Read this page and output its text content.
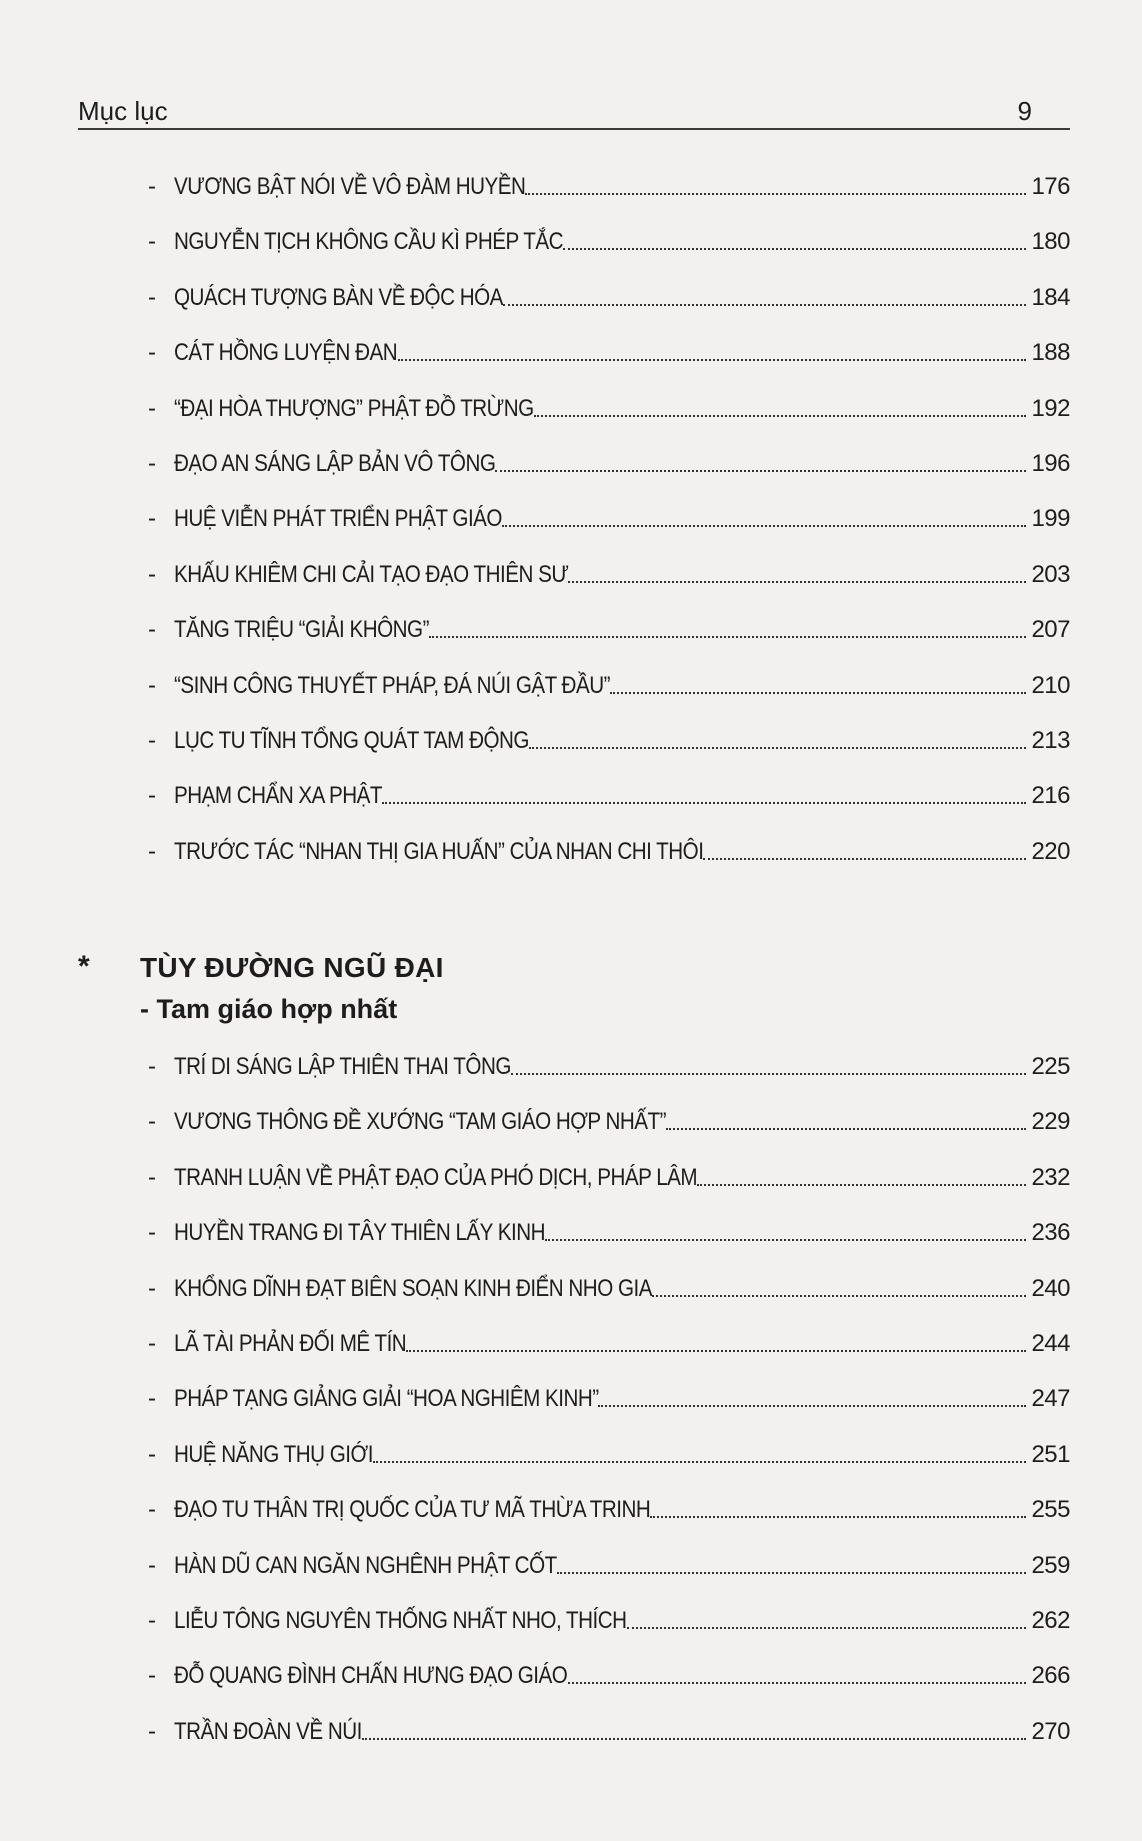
Mục lục	9
- VƯƠNG BẬT NÓI VỀ VÔ ĐÀM HUYỀN	176
- NGUYỄN TỊCH KHÔNG CẦU KÌ PHÉP TẮC	180
- QUÁCH TƯỢNG BÀN VỀ ĐỘC HÓA	184
- CÁT HỒNG LUYỆN ĐAN	188
- “ĐẠI HÒA THƯỢNG” PHẬT ĐỒ TRỪNG	192
- ĐẠO AN SÁNG LẬP BẢN VÔ TÔNG	196
- HUỆ VIỄN PHÁT TRIỂN PHẬT GIÁO	199
- KHẤU KHIÊM CHI CẢI TẠO ĐẠO THIÊN SƯ	203
- TĂNG TRIỆU “GIẢI KHÔNG”	207
- “SINH CÔNG THUYẾT PHÁP, ĐÁ NÚI GẬT ĐẦU”	210
- LỤC TU TĨNH TỔNG QUÁT TAM ĐỘNG	213
- PHẠM CHẨN XA PHẬT	216
- TRƯỚC TÁC “NHAN THỊ GIA HUẤN” CỦA NHAN CHI THÔI	220
* TÙY ĐƯỜNG NGŨ ĐẠI
- Tam giáo hợp nhất
- TRÍ DI SÁNG LẬP THIÊN THAI TÔNG	225
- VƯƠNG THÔNG ĐỀ XƯỚNG “TAM GIÁO HỢP NHẤT”	229
- TRANH LUẬN VỀ PHẬT ĐẠO CỦA PHÓ DỊCH, PHÁP LÂM	232
- HUYỀN TRANG ĐI TÂY THIÊN LẤY KINH	236
- KHỔNG DĨNH ĐẠT BIÊN SOẠN KINH ĐIỂN NHO GIA	240
- LÃ TÀI PHẢN ĐỐI MÊ TÍN	244
- PHÁP TẠNG GIẢNG GIẢI “HOA NGHIÊM KINH”	247
- HUỆ NĂNG THỤ GIỚI	251
- ĐẠO TU THÂN TRỊ QUỐC CỦA TƯ MÃ THỪA TRINH	255
- HÀN DŨ CAN NGĂN NGHÊNH PHẬT CỐT	259
- LIỄU TÔNG NGUYÊN THỐNG NHẤT NHO, THÍCH	262
- ĐỖ QUANG ĐÌNH CHẤN HƯNG ĐẠO GIÁO	266
- TRẦN ĐOÀN VỀ NÚI	270
